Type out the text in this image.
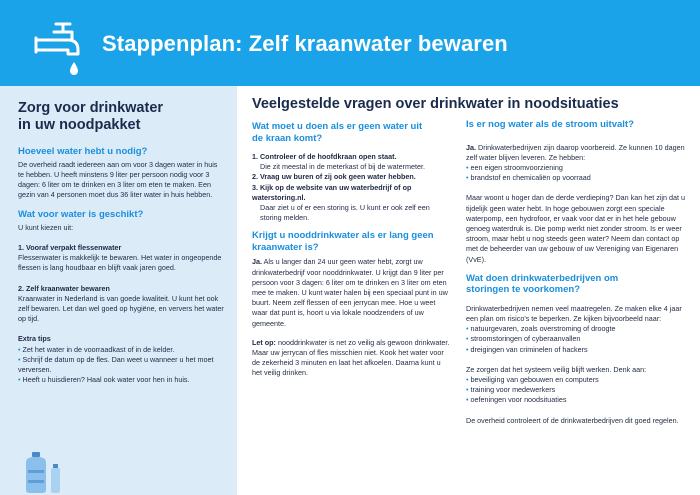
Stappenplan: Zelf kraanwater bewaren
Zorg voor drinkwater
in uw noodpakket
Hoeveel water hebt u nodig?

De overheid raadt iedereen aan om voor 3 dagen water in huis te hebben. U heeft minstens 9 liter per persoon nodig voor 3 dagen: 6 liter om te drinken en 3 liter om eten te maken. Een gezin van 4 personen moet dus 36 liter water in huis hebben.

Wat voor water is geschikt?

U kunt kiezen uit:

1. Vooraf verpakt flessenwater

Flessenwater is makkelijk te bewaren. Het water in ongeopende flessen is lang houdbaar en blijft vaak jaren goed.

2. Zelf kraanwater bewaren

Kraanwater in Nederland is van goede kwaliteit. U kunt het ook zelf bewaren. Let dan wel goed op hygiëne, en ververs het water op tijd.

Extra tips

• Zet het water in de voorraadkast of in de kelder.
• Schrijf de datum op de fles. Dan weet u wanneer u het moet verversen.
• Heeft u huisdieren? Haal ook water voor hen in huis.
Veelgestelde vragen over drinkwater in noodsituaties
Wat moet u doen als er geen water uit
de kraan komt?
1. Controleer of de hoofdkraan open staat.
Die zit meestal in de meterkast of bij de watermeter.
2. Vraag uw buren of zij ook geen water hebben.
3. Kijk op de website van uw waterbedrijf of op waterstoring.nl.
Daar ziet u of er een storing is. U kunt er ook zelf een storing melden.
Krijgt u nooddrinkwater als er lang geen
kraanwater is?

Ja. Als u langer dan 24 uur geen water hebt, zorgt uw drinkwaterbedrijf voor nooddrinkwater. U krijgt dan 9 liter per persoon voor 3 dagen: 6 liter om te drinken en 3 liter om eten mee te maken. U kunt water halen bij een speciaal punt in uw buurt. Neem zelf flessen of een jerrycan mee. Hoe u weet waar dat punt is, hoort u via lokale noodzenders of uw gemeente.

Let op: nooddrinkwater is net zo veilig als gewoon drinkwater. Maar uw jerrycan of fles misschien niet. Kook het water voor de zekerheid 3 minuten en laat het afkoelen. Daarna kunt u het veilig drinken.

Is er nog water als de stroom uitvalt?

Ja. Drinkwaterbedrijven zijn daarop voorbereid. Ze kunnen 10 dagen zelf water blijven leveren. Ze hebben:

• een eigen stroomvoorziening
• brandstof en chemicaliën op voorraad

Maar woont u hoger dan de derde verdieping? Dan kan het zijn dat u tijdelijk geen water hebt. In hoge gebouwen zorgt een speciale waterpomp, een hydrofoor, er vaak voor dat er in het hele gebouw genoeg waterdruk is. Die pomp werkt niet zonder stroom. Is er weer stroom, maar hebt u nog steeds geen water? Neem dan contact op met de beheerder van uw gebouw of uw Vereniging van Eigenaren (VvE).

Wat doen drinkwaterbedrijven om
storingen te voorkomen?

Drinkwaterbedrijven nemen veel maatregelen. Ze maken elke 4 jaar een plan om risico's te beperken. Ze kijken bijvoorbeeld naar:

• natuurgevaren, zoals overstroming of droogte
• stroomstoringen of cyberaanvallen
• dreigingen van criminelen of hackers

Ze zorgen dat het systeem veilig blijft werken. Denk aan:

• beveiliging van gebouwen en computers
• training voor medewerkers
• oefeningen voor noodsituaties

De overheid controleert of de drinkwaterbedrijven dit goed regelen.
